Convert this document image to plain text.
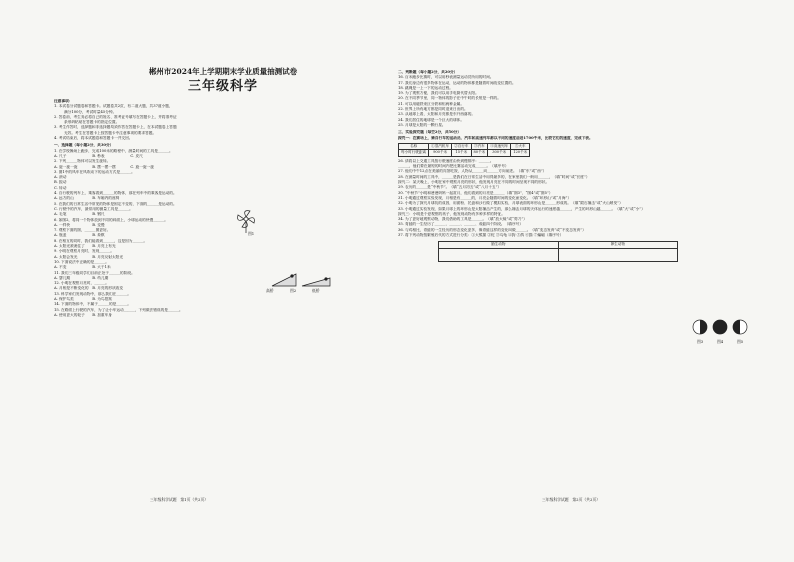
郴州市2024年上学期期末学业质量抽测试卷
三年级科学
注意事项：
1. 本试卷分试题卷和答题卡。试题卷共2页，有二道大题，共37道小题，
满分100分，考试时量45分钟。
2. 答卷前，考生务必将自己的姓名、准考证号填写在答题卡上，并将准考证
条形码粘贴在答题卡的指定位置。
3. 考生作答时，选择题和非选择题均须作答在答题卡上，在本试题卷上答题
无效。考生在答题卡上按答题卡中注意事项的要求答题。
4. 考试结束后，将本试题卷和答题卡一并交回。
一、选择题（每小题2分，共30分）
1. 在学校操场上跑步，完成100米的路程中，测量时间的工具是______。
A. 尺子　　　　　　　B. 秒表　　　　　　　C. 皮尺
2. 下列______物体可以发生旋转。
A. 旋一旋一旋　　　　B. 摆一摆一摆　　　　C. 旋一旋一旋
3. 图1中的风车在风吹动下的运动方式是______。
A. 滚动
B. 振动
C. 转动
4. 自行驶的列车上，乘客看到______的物体，那在列车中的乘客是运动的。
A. 远方的山　　　　　B. 车厢内的座椅
5. 在我们的日常生活中常见的物体是固定不变的，下面的______是运动的。
C. 行驶中的汽车，最常用的测量工具是______。
A. 毛笔　　　　　　　B. 钢尺
6. 如图2，将同一个物体放到不同的斜面上，小球运动的快慢______。
A. 一样快　　　　　　B. 变慢
7. 观察下面的图，______图更好。
A. 瓶盖　　　　　　　B. 象棋
8. 在相互的同时，我们能看到______，这是因为______。
A. 太阳光被遮住了　　B. 月亮上有光
9. 小明在观察月亮时，发现______。
A. 太阳会发光　　　　B. 月亮反射太阳光
10. 下面说法中正确的是______。
A. 不变　　　　　　　B. 大于1米
11. 我们三年级同学们目前正处于______的阶段。
A. 婴儿期　　　　　　B. 幼儿期
12. 小明在观察月亮时，______。
A. 月相是不断变化的　B. 月亮的形状改变
13. 科学家们发现动物中，那么我们在______。
A. 保护鸟类　　　　　B. 为鸟搭窝
14. 下面的物体中，不属于______的是______。
15. 在路面上行驶的汽车，为了让小车运动______，下列做法错误的是______。
A. 使用更大的轮子　　B. 加重车身
图1
高桥	图2	低桥
三年级科学试题　第1页（共2页）
二、判断题（每小题2分，共20分）
16. 百米跑步比赛时，可以用秒表测量运动员所用的时间。
17. 我们身边有很多物体在运动，运动的物体都是随着时间改变位置的。
18. 跳绳是一上一下的运动过程。
19. 为了观察方便，我们可以用手电筒代替太阳。
20. 在不同季节里，同一物体的影子在中午时的长短是一样的。
21. 可以用磁铁来区分铁和铝两种金属。
22. 世界上所有地方都是同时迎来日出的。
23. 从地球上看，太阳和月亮都是东升西落的。
24. 我们居住的地球是一个巨大的球体。
25. 月球是太阳的一颗行星。
三、实验探究题（每空2分，共50分）
探究一：在赛场上，骑自行车的运动员、汽车和高速列车都以不同的速度前进1700千米，比较它们的速度，完成下表。
名称	①蒸汽机车	②自行车	③汽车	④高速列车	⑤火车
每小时行驶距离	900千米	15千米	80千米	300千米	120千米
26. 请将以上交通工具按行驶速度由快到慢排序：______。
______，他们要在最短的时间内把比赛活动完成______。（填序号）
27. 他们中午12点在美丽的宾馆吃饭，人物从______向______方向前进。（填“东”或“西”）
28. 在测量时间的工具中，______是我们在日常生活中用得最多的，在家里我们一般用______，（填“时间”或“长度”）
探究二：某天晚上，小明在家中观察月亮的形状，他发现月亮在不同的时间呈现不同的形状。
29. 农历的______是“中秋节”。（填“五月初五”或“八月十五”）
30. “中秋节”小明和爸爸妈妈一起赏月，他们看到的月亮是______（填“图3”、“图4”或“图5”）
31. 小明通过观察实验发现，月相是有______的，月亮会随着时间的变化而变化。（填“环形山”或“月海”）
32. 小明为了探究月球坑的成因，用面粉、托盘和沙石做了模拟实验，月球表面的环形山是______形成的。（填“陨石撞击”或“火山喷发”）
33. 小明通过实验发现，如果月球上的环形山是太阳撞击产生的，那么撞击月球的天体运行的速度越______，产生的环形山越______。（填“大”或“小”）
探究三：小明是个爱观察的孩子，他发现动物有多种多样的特征。
34. 为了更好地观察动物，我们借助的工具是______。（填“放大镜”或“剪刀”）
35. 青蛙的一生经历了______、______、______、成蛙四个阶段。（填序号）
36. 与鸡相比，青蛙的一生经历的形态变化更多，像青蛙这样的变化叫做______。（填“变态发育”或“不变态发育”）
37. 将下列动物按繁殖后代的方式进行分类：①大熊猫 ②蛇 ③乌龟 ④狗 ⑤鸽 ⑥猫 ⑦蝙蝠（填序号）
胎生动物	卵生动物

图3	图4	图5
三年级科学试题　第2页（共2页）
